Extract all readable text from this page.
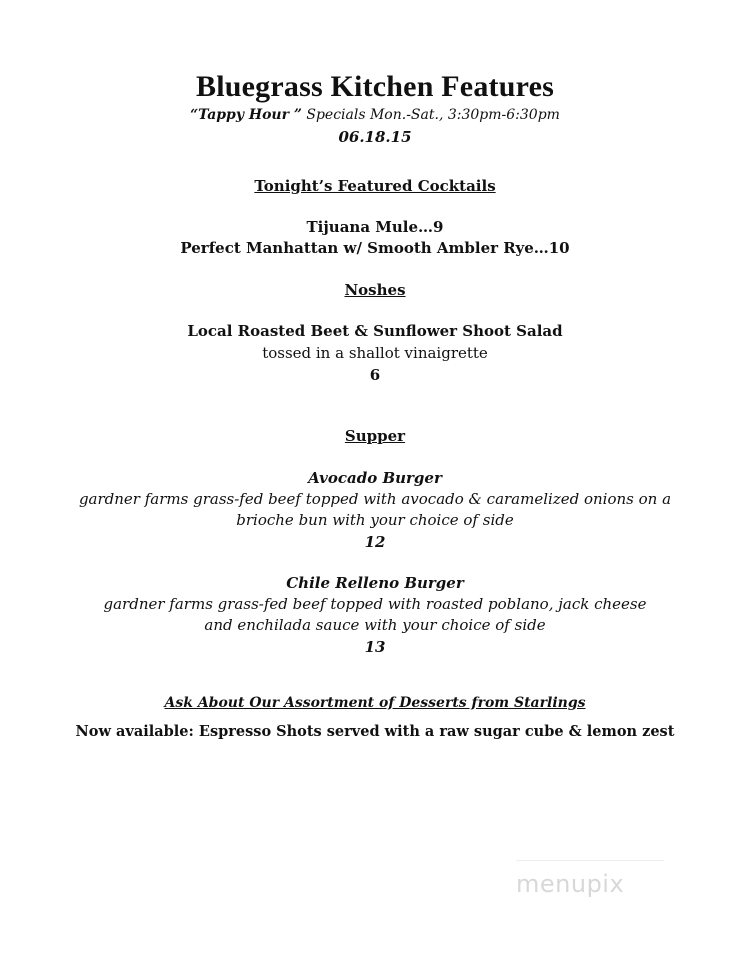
Bluegrass Kitchen Features
“Tappy Hour ” Specials Mon.-Sat., 3:30pm-6:30pm
06.18.15
Tonight’s Featured Cocktails
Tijuana Mule…9
Perfect Manhattan w/ Smooth Ambler Rye…10
Noshes
Local Roasted Beet & Sunflower Shoot Salad
tossed in a shallot vinaigrette
6
Supper
Avocado Burger
gardner farms grass-fed beef topped with avocado & caramelized onions on a
brioche bun with your choice of side
12
Chile Relleno Burger
gardner farms grass-fed beef topped with roasted poblano, jack cheese
and enchilada sauce with your choice of side
13
Ask About Our Assortment of Desserts from Starlings
Now available: Espresso Shots served with a raw sugar cube & lemon zest
menupix
